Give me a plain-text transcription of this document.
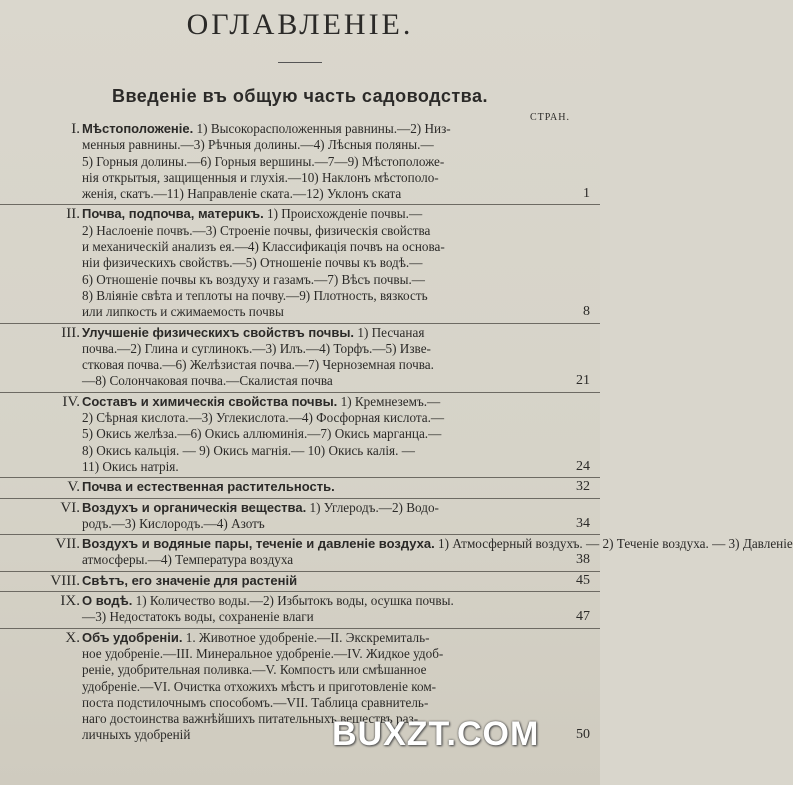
ОГЛАВЛЕНIE.
Введенie въ общую часть садоводства.
СТРАН.
I. Мѣстоположенie. 1) Высокорасположенныя равнины.—2) Низ-
менныя равнины.—3) Рѣчныя долины.—4) Лѣсныя поляны.—
5) Горныя долины.—6) Горныя вершины.—7—9) Мѣстоположе-
нія открытыя, защищенныя и глухiя.—10) Наклонъ мѣстополо-
женiя, скатъ.—11) Направленie ската.—12) Уклонъ ската	1
II. Почва, подпочва, матерuкъ. 1) Происхожденie почвы.—
2) Наслоенie почвъ.—3) Строенie почвы, физическiя свойства
и механическiй анализъ ея.—4) Классификацiя почвъ на основа-
нiи физическихъ свойствъ.—5) Отношенie почвы къ водѣ.—
6) Отношенie почвы къ воздуху и газамъ.—7) Вѣсъ почвы.—
8) Влiянie свѣта и теплоты на почву.—9) Плотность, вязкость
или липкость и сжимаемость почвы	8
III. Улучшенie физическихъ свойствъ почвы. 1) Песчаная
почва.—2) Глина и суглинокъ.—3) Илъ.—4) Торфъ.—5) Изве-
стковая почва.—6) Желѣзистая почва.—7) Черноземная почва.
—8) Солончаковая почва.—Скалистая почва	21
IV. Составъ и химическiя свойства почвы. 1) Кремнеземъ.—
2) Сѣрная кислота.—3) Углекислота.—4) Фосфорная кислота.—
5) Окись желѣза.—6) Окись аллюминiя.—7) Окись марганца.—
8) Окись кальцiя. — 9) Окись магнiя.— 10) Окись калiя. —
11) Окись натрiя.	24
V. Почва и естественная растительность.	32
VI. Воздухъ и органическiя вещества. 1) Углеродъ.—2) Водо-
родъ.—3) Кислородъ.—4) Азотъ	34
VII. Воздухъ и водяные пары, теченie и давленie воздуха. 1) Атмосферный воздухъ. — 2) Теченie воздуха. — 3) Давленie
атмосферы.—4) Температура воздуха	38
VIII. Свѣтъ, его значенie для растенiй	45
IX. О водѣ. 1) Количество воды.—2) Избытокъ воды, осушка почвы.
—3) Недостатокъ воды, сохраненie влаги	47
X. Объ удобренiи. 1. Животное удобренie.—II. Экскремиталь-
ное удобренie.—III. Минеральное удобренie.—IV. Жидкое удоб-
ренie, удобрительная поливка.—V. Компостъ или смѣшанное
удобренie.—VI. Очистка отхожихъ мѣстъ и приготовленie ком-
поста подстилочнымъ способомъ.—VII. Таблица сравнитель-
наго достоинства важнѣйшихъ питательныхъ веществъ раз-
личныхъ удобренiй	50
BUXZT.COM
